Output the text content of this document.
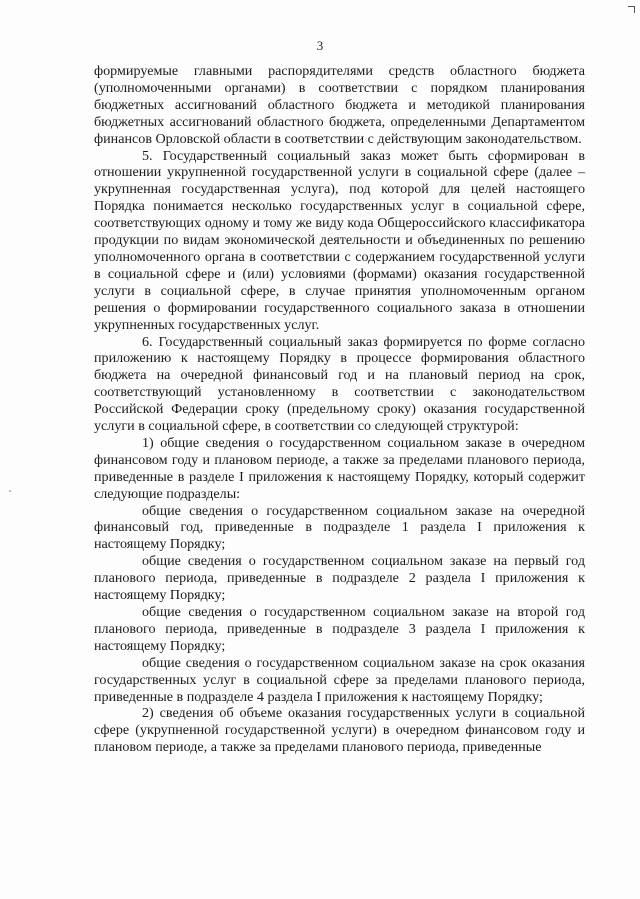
3

формируемые главными распорядителями средств областного бюджета (уполномоченными органами) в соответствии с порядком планирования бюджетных ассигнований областного бюджета и методикой планирования бюджетных ассигнований областного бюджета, определенными Департаментом финансов Орловской области в соответствии с действующим законодательством.

5. Государственный социальный заказ может быть сформирован в отношении укрупненной государственной услуги в социальной сфере (далее – укрупненная государственная услуга), под которой для целей настоящего Порядка понимается несколько государственных услуг в социальной сфере, соответствующих одному и тому же виду кода Общероссийского классификатора продукции по видам экономической деятельности и объединенных по решению уполномоченного органа в соответствии с содержанием государственной услуги в социальной сфере и (или) условиями (формами) оказания государственной услуги в социальной сфере, в случае принятия уполномоченным органом решения о формировании государственного социального заказа в отношении укрупненных государственных услуг.

6. Государственный социальный заказ формируется по форме согласно приложению к настоящему Порядку в процессе формирования областного бюджета на очередной финансовый год и на плановый период на срок, соответствующий установленному в соответствии с законодательством Российской Федерации сроку (предельному сроку) оказания государственной услуги в социальной сфере, в соответствии со следующей структурой:

1) общие сведения о государственном социальном заказе в очередном финансовом году и плановом периоде, а также за пределами планового периода, приведенные в разделе I приложения к настоящему Порядку, который содержит следующие подразделы:

общие сведения о государственном социальном заказе на очередной финансовый год, приведенные в подразделе 1 раздела I приложения к настоящему Порядку;

общие сведения о государственном социальном заказе на первый год планового периода, приведенные в подразделе 2 раздела I приложения к настоящему Порядку;

общие сведения о государственном социальном заказе на второй год планового периода, приведенные в подразделе 3 раздела I приложения к настоящему Порядку;

общие сведения о государственном социальном заказе на срок оказания государственных услуг в социальной сфере за пределами планового периода, приведенные в подразделе 4 раздела I приложения к настоящему Порядку;

2) сведения об объеме оказания государственных услуги в социальной сфере (укрупненной государственной услуги) в очередном финансовом году и плановом периоде, а также за пределами планового периода, приведенные
